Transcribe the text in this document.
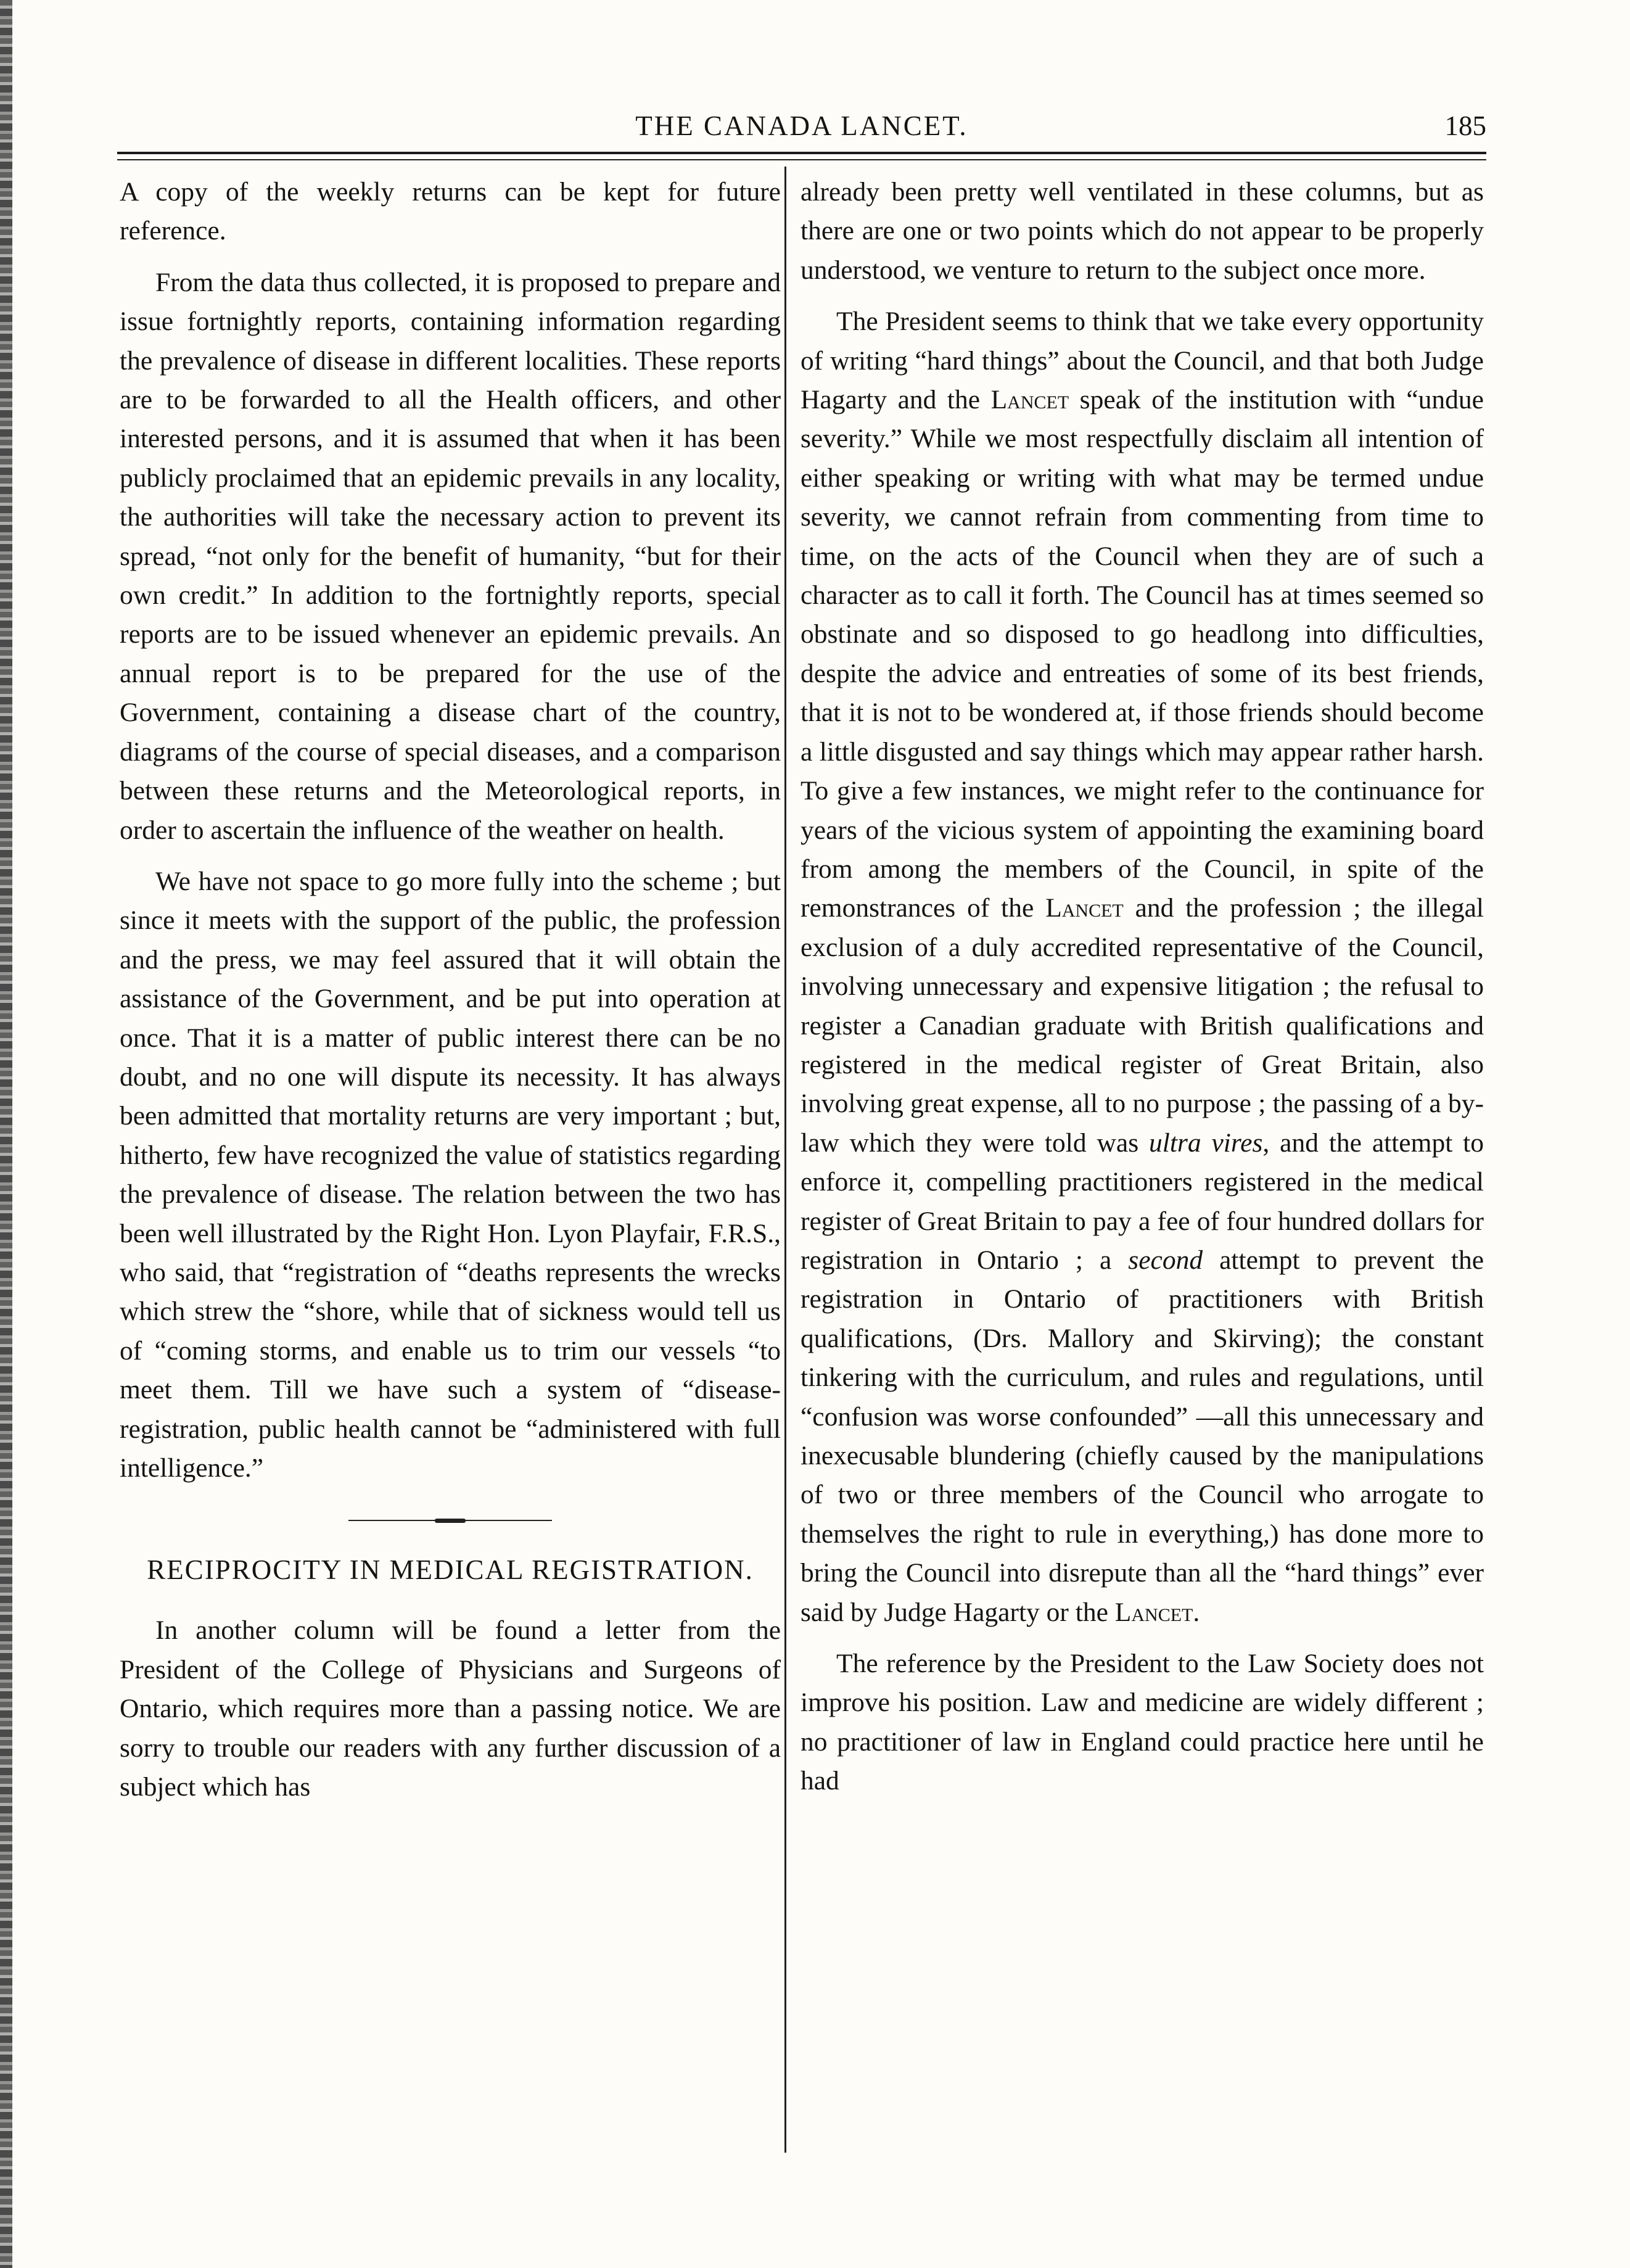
THE CANADA LANCET.	185

A copy of the weekly returns can be kept for future reference.

From the data thus collected, it is proposed to prepare and issue fortnightly reports, containing information regarding the prevalence of disease in different localities. These reports are to be forwarded to all the Health officers, and other interested persons, and it is assumed that when it has been publicly proclaimed that an epidemic prevails in any locality, the authorities will take the necessary action to prevent its spread, “not only for the benefit of humanity, “but for their own credit.” In addition to the fortnightly reports, special reports are to be issued whenever an epidemic prevails. An annual report is to be prepared for the use of the Government, containing a disease chart of the country, diagrams of the course of special diseases, and a comparison between these returns and the Meteorological reports, in order to ascertain the influence of the weather on health.

We have not space to go more fully into the scheme ; but since it meets with the support of the public, the profession and the press, we may feel assured that it will obtain the assistance of the Government, and be put into operation at once. That it is a matter of public interest there can be no doubt, and no one will dispute its necessity. It has always been admitted that mortality returns are very important ; but, hitherto, few have recognized the value of statistics regarding the prevalence of disease. The relation between the two has been well illustrated by the Right Hon. Lyon Playfair, F.R.S., who said, that “registration of “deaths represents the wrecks which strew the “shore, while that of sickness would tell us of “coming storms, and enable us to trim our vessels “to meet them. Till we have such a system of “disease-registration, public health cannot be “administered with full intelligence.”

RECIPROCITY IN MEDICAL REGISTRATION.

In another column will be found a letter from the President of the College of Physicians and Surgeons of Ontario, which requires more than a passing notice. We are sorry to trouble our readers with any further discussion of a subject which has

already been pretty well ventilated in these columns, but as there are one or two points which do not appear to be properly understood, we venture to return to the subject once more.

The President seems to think that we take every opportunity of writing “hard things” about the Council, and that both Judge Hagarty and the Lancet speak of the institution with “undue severity.” While we most respectfully disclaim all intention of either speaking or writing with what may be termed undue severity, we cannot refrain from commenting from time to time, on the acts of the Council when they are of such a character as to call it forth. The Council has at times seemed so obstinate and so disposed to go headlong into difficulties, despite the advice and entreaties of some of its best friends, that it is not to be wondered at, if those friends should become a little disgusted and say things which may appear rather harsh. To give a few instances, we might refer to the continuance for years of the vicious system of appointing the examining board from among the members of the Council, in spite of the remonstrances of the Lancet and the profession ; the illegal exclusion of a duly accredited representative of the Council, involving unnecessary and expensive litigation ; the refusal to register a Canadian graduate with British qualifications and registered in the medical register of Great Britain, also involving great expense, all to no purpose ; the passing of a by-law which they were told was ultra vires, and the attempt to enforce it, compelling practitioners registered in the medical register of Great Britain to pay a fee of four hundred dollars for registration in Ontario ; a second attempt to prevent the registration in Ontario of practitioners with British qualifications, (Drs. Mallory and Skirving); the constant tinkering with the curriculum, and rules and regulations, until “confusion was worse confounded” —all this unnecessary and inexecusable blundering (chiefly caused by the manipulations of two or three members of the Council who arrogate to themselves the right to rule in everything,) has done more to bring the Council into disrepute than all the “hard things” ever said by Judge Hagarty or the Lancet.

The reference by the President to the Law Society does not improve his position. Law and medicine are widely different ; no practitioner of law in England could practice here until he had
